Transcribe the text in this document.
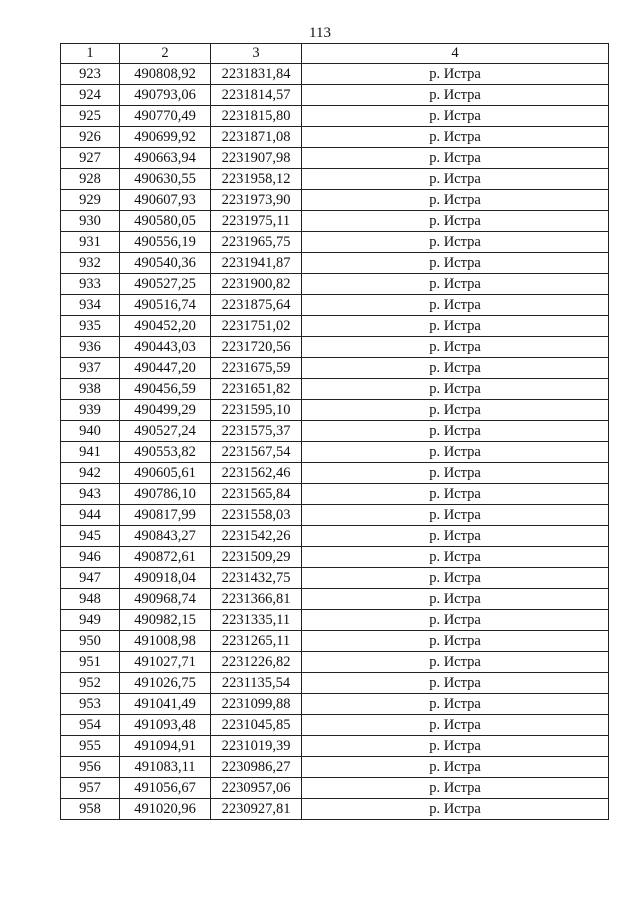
113
1	2	3	4
923	490808,92	2231831,84	р. Истра
924	490793,06	2231814,57	р. Истра
925	490770,49	2231815,80	р. Истра
926	490699,92	2231871,08	р. Истра
927	490663,94	2231907,98	р. Истра
928	490630,55	2231958,12	р. Истра
929	490607,93	2231973,90	р. Истра
930	490580,05	2231975,11	р. Истра
931	490556,19	2231965,75	р. Истра
932	490540,36	2231941,87	р. Истра
933	490527,25	2231900,82	р. Истра
934	490516,74	2231875,64	р. Истра
935	490452,20	2231751,02	р. Истра
936	490443,03	2231720,56	р. Истра
937	490447,20	2231675,59	р. Истра
938	490456,59	2231651,82	р. Истра
939	490499,29	2231595,10	р. Истра
940	490527,24	2231575,37	р. Истра
941	490553,82	2231567,54	р. Истра
942	490605,61	2231562,46	р. Истра
943	490786,10	2231565,84	р. Истра
944	490817,99	2231558,03	р. Истра
945	490843,27	2231542,26	р. Истра
946	490872,61	2231509,29	р. Истра
947	490918,04	2231432,75	р. Истра
948	490968,74	2231366,81	р. Истра
949	490982,15	2231335,11	р. Истра
950	491008,98	2231265,11	р. Истра
951	491027,71	2231226,82	р. Истра
952	491026,75	2231135,54	р. Истра
953	491041,49	2231099,88	р. Истра
954	491093,48	2231045,85	р. Истра
955	491094,91	2231019,39	р. Истра
956	491083,11	2230986,27	р. Истра
957	491056,67	2230957,06	р. Истра
958	491020,96	2230927,81	р. Истра
